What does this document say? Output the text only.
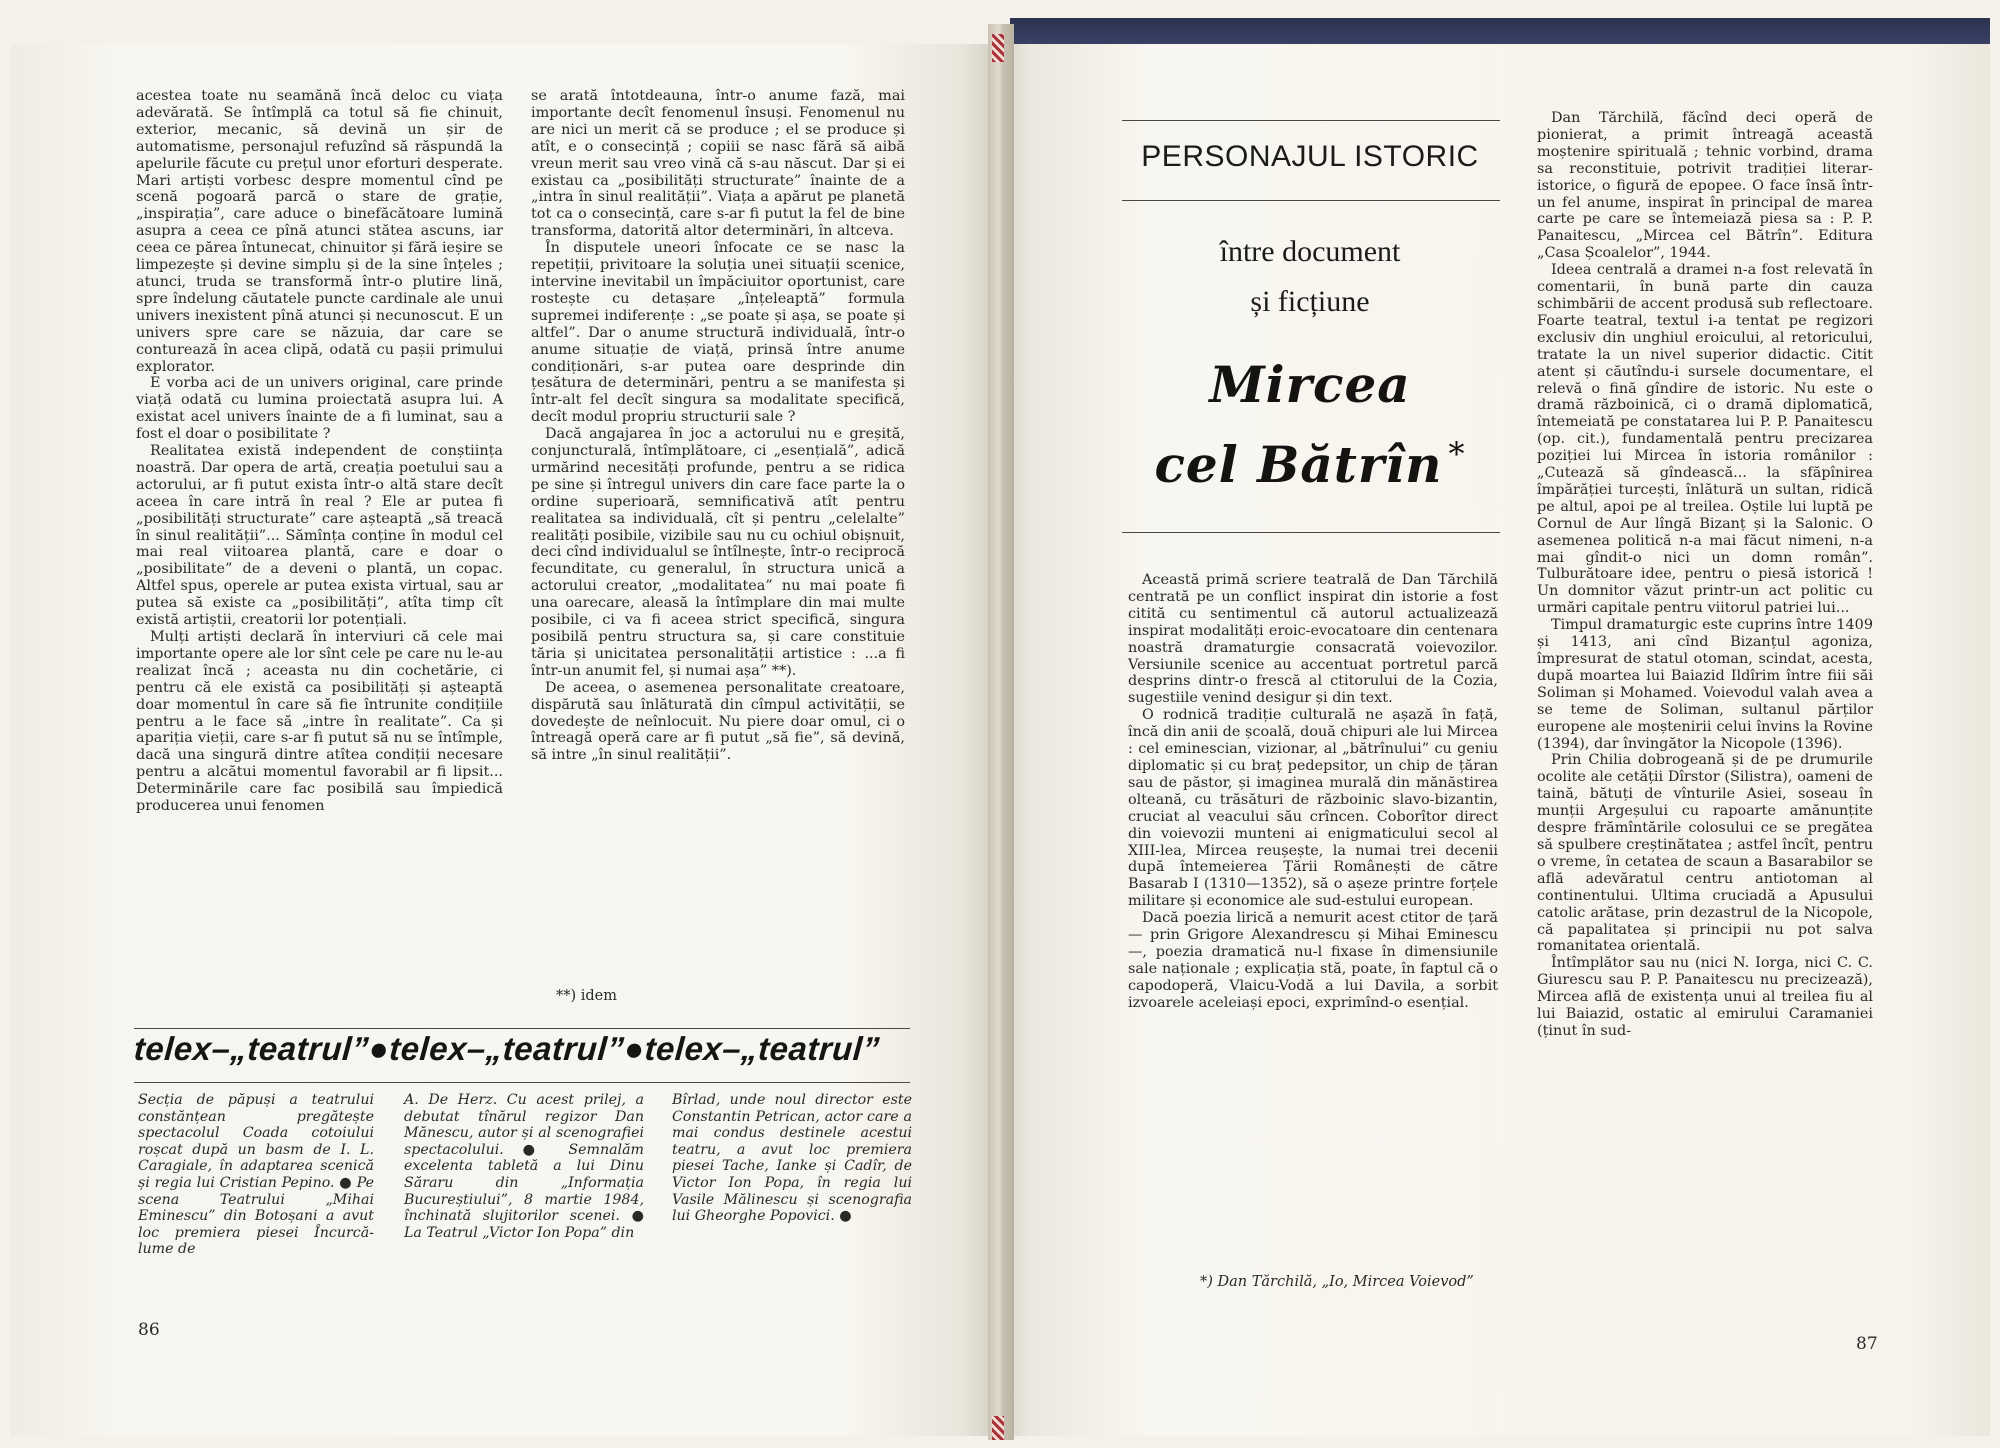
acestea toate nu seamănă încă deloc cu viața adevărată. Se întîmplă ca totul să fie chinuit, exterior, mecanic, să devină un șir de automatisme, personajul refuzînd să răspundă la apelurile făcute cu prețul unor eforturi desperate. Mari artiști vorbesc despre momentul cînd pe scenă pogoară parcă o stare de grație, „inspirația”, care aduce o binefăcătoare lumină asupra a ceea ce pînă atunci stătea ascuns, iar ceea ce părea întunecat, chinuitor și fără ieșire se limpezește și devine simplu și de la sine înțeles ; atunci, truda se transformă într-o plutire lină, spre îndelung căutatele puncte cardinale ale unui univers inexistent pînă atunci și necunoscut. E un univers spre care se năzuia, dar care se conturează în acea clipă, odată cu pașii primului explorator.

E vorba aci de un univers original, care prinde viață odată cu lumina proiectată asupra lui. A existat acel univers înainte de a fi luminat, sau a fost el doar o posibilitate ?

Realitatea există independent de conștiința noastră. Dar opera de artă, creația poetului sau a actorului, ar fi putut exista într-o altă stare decît aceea în care intră în real ? Ele ar putea fi „posibilități structurate” care așteaptă „să treacă în sinul realității”... Sămînța conține în modul cel mai real viitoarea plantă, care e doar o „posibilitate” de a deveni o plantă, un copac. Altfel spus, operele ar putea exista virtual, sau ar putea să existe ca „posibilități”, atîta timp cît există artiștii, creatorii lor potențiali.

Mulți artiști declară în interviuri că cele mai importante opere ale lor sînt cele pe care nu le-au realizat încă ; aceasta nu din cochetărie, ci pentru că ele există ca posibilități și așteaptă doar momentul în care să fie întrunite condițiile pentru a le face să „intre în realitate”. Ca și apariția vieții, care s-ar fi putut să nu se întîmple, dacă una singură dintre atîtea condiții necesare pentru a alcătui momentul favorabil ar fi lipsit... Determinările care fac posibilă sau împiedică producerea unui fenomen

se arată întotdeauna, într-o anume fază, mai importante decît fenomenul însuși. Fenomenul nu are nici un merit că se produce ; el se produce și atît, e o consecință ; copiii se nasc fără să aibă vreun merit sau vreo vină că s-au născut. Dar și ei existau ca „posibilități structurate” înainte de a „intra în sinul realității”. Viața a apărut pe planetă tot ca o consecință, care s-ar fi putut la fel de bine transforma, datorită altor determinări, în altceva.

În disputele uneori înfocate ce se nasc la repetiții, privitoare la soluția unei situații scenice, intervine inevitabil un împăciuitor oportunist, care rostește cu detașare „înțeleaptă” formula supremei indiferențe : „se poate și așa, se poate și altfel”. Dar o anume structură individuală, într-o anume situație de viață, prinsă între anume condiționări, s-ar putea oare desprinde din țesătura de determinări, pentru a se manifesta și într-alt fel decît singura sa modalitate specifică, decît modul propriu structurii sale ?

Dacă angajarea în joc a actorului nu e greșită, conjuncturală, întîmplătoare, ci „esențială”, adică urmărind necesități profunde, pentru a se ridica pe sine și întregul univers din care face parte la o ordine superioară, semnificativă atît pentru realitatea sa individuală, cît și pentru „celelalte” realități posibile, vizibile sau nu cu ochiul obișnuit, deci cînd individualul se întîlnește, într-o reciprocă fecunditate, cu generalul, în structura unică a actorului creator, „modalitatea” nu mai poate fi una oarecare, aleasă la întîmplare din mai multe posibile, ci va fi aceea strict specifică, singura posibilă pentru structura sa, și care constituie tăria și unicitatea personalității artistice : ...a fi într-un anumit fel, și numai așa” **).

De aceea, o asemenea personalitate creatoare, dispărută sau înlăturată din cîmpul activității, se dovedește de neînlocuit. Nu piere doar omul, ci o întreagă operă care ar fi putut „să fie”, să devină, să intre „în sinul realității”.

**) idem
telex–„teatrul”●telex–„teatrul”●telex–„teatrul”
Secția de păpuși a teatrului constănțean pregătește spectacolul Coada cotoiului roșcat după un basm de I. L. Caragiale, în adaptarea scenică și regia lui Cristian Pepino. ● Pe scena Teatrului „Mihai Eminescu” din Botoșani a avut loc premiera piesei Încurcă-lume de
A. De Herz. Cu acest prilej, a debutat tînărul regizor Dan Mănescu, autor și al scenografiei spectacolului. ● Semnalăm excelenta tabletă a lui Dinu Săraru din „Informația Bucureștiului”, 8 martie 1984, închinată slujitorilor scenei. ● La Teatrul „Victor Ion Popa” din
Bîrlad, unde noul director este Constantin Petrican, actor care a mai condus destinele acestui teatru, a avut loc premiera piesei Tache, Ianke și Cadîr, de Victor Ion Popa, în regia lui Vasile Mălinescu și scenografia lui Gheorghe Popovici. ●
86
PERSONAJUL ISTORIC
între document
și ficțiune
Mircea
cel Bătrîn *

Această primă scriere teatrală de Dan Tărchilă centrată pe un conflict inspirat din istorie a fost citită cu sentimentul că autorul actualizează inspirat modalități eroic-evocatoare din centenara noastră dramaturgie consacrată voievozilor. Versiunile scenice au accentuat portretul parcă desprins dintr-o frescă al ctitorului de la Cozia, sugestiile venind desigur și din text.

O rodnică tradiție culturală ne așază în față, încă din anii de școală, două chipuri ale lui Mircea : cel eminescian, vizionar, al „bătrînului” cu geniu diplomatic și cu braț pedepsitor, un chip de țăran sau de păstor, și imaginea murală din mănăstirea olteană, cu trăsături de războinic slavo-bizantin, cruciat al veacului său crîncen. Coborîtor direct din voievozii munteni ai enigmaticului secol al XIII-lea, Mircea reușește, la numai trei decenii după întemeierea Țării Românești de către Basarab I (1310—1352), să o așeze printre forțele militare și economice ale sud-estului european.

Dacă poezia lirică a nemurit acest ctitor de țară — prin Grigore Alexandrescu și Mihai Eminescu —, poezia dramatică nu-l fixase în dimensiunile sale naționale ; explicația stă, poate, în faptul că o capodoperă, Vlaicu-Vodă a lui Davila, a sorbit izvoarele aceleiași epoci, exprimînd-o esențial.

*) Dan Tărchilă, „Io, Mircea Voievod”

Dan Tărchilă, făcînd deci operă de pionierat, a primit întreagă această moștenire spirituală ; tehnic vorbind, drama sa reconstituie, potrivit tradiției literar-istorice, o figură de epopee. O face însă într-un fel anume, inspirat în principal de marea carte pe care se întemeiază piesa sa : P. P. Panaitescu, „Mircea cel Bătrîn”. Editura „Casa Școalelor”, 1944.

Ideea centrală a dramei n-a fost relevată în comentarii, în bună parte din cauza schimbării de accent produsă sub reflectoare. Foarte teatral, textul i-a tentat pe regizori exclusiv din unghiul eroicului, al retoricului, tratate la un nivel superior didactic. Citit atent și căutîndu-i sursele documentare, el relevă o fină gîndire de istoric. Nu este o dramă războinică, ci o dramă diplomatică, întemeiată pe constatarea lui P. P. Panaitescu (op. cit.), fundamentală pentru precizarea poziției lui Mircea în istoria românilor : „Cutează să gîndească... la sfăpînirea împărăției turcești, înlătură un sultan, ridică pe altul, apoi pe al treilea. Oștile lui luptă pe Cornul de Aur lîngă Bizanț și la Salonic. O asemenea politică n-a mai făcut nimeni, n-a mai gîndit-o nici un domn român”. Tulburătoare idee, pentru o piesă istorică ! Un domnitor văzut printr-un act politic cu urmări capitale pentru viitorul patriei lui...

Timpul dramaturgic este cuprins între 1409 și 1413, ani cînd Bizanțul agoniza, împresurat de statul otoman, scindat, acesta, după moartea lui Baiazid Ildîrim între fiii săi Soliman și Mohamed. Voievodul valah avea a se teme de Soliman, sultanul părților europene ale moștenirii celui învins la Rovine (1394), dar învingător la Nicopole (1396).

Prin Chilia dobrogeană și de pe drumurile ocolite ale cetății Dîrstor (Silistra), oameni de taină, bătuți de vînturile Asiei, soseau în munții Argeșului cu rapoarte amănunțite despre frămîntările colosului ce se pregătea să spulbere creștinătatea ; astfel încît, pentru o vreme, în cetatea de scaun a Basarabilor se află adevăratul centru antiotoman al continentului. Ultima cruciadă a Apusului catolic arătase, prin dezastrul de la Nicopole, că papalitatea și principii nu pot salva romanitatea orientală.

Întîmplător sau nu (nici N. Iorga, nici C. C. Giurescu sau P. P. Panaitescu nu precizează), Mircea află de existența unui al treilea fiu al lui Baiazid, ostatic al emirului Caramaniei (ținut în sud-

87
